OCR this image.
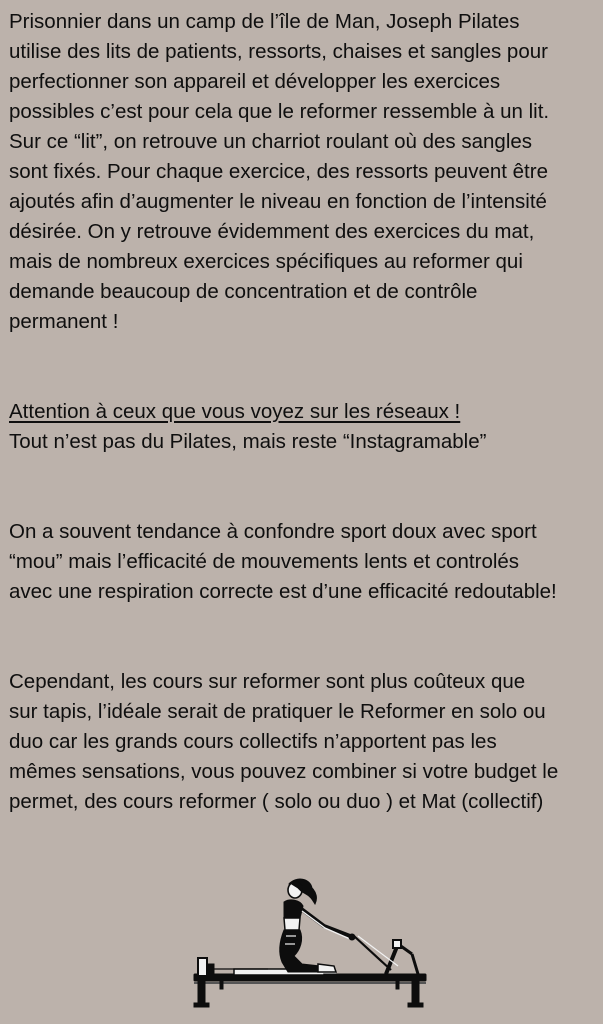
Prisonnier dans un camp de l’île de Man, Joseph Pilates
utilise des lits de patients, ressorts, chaises et sangles pour
perfectionner son appareil et développer les exercices
possibles c’est pour cela que le reformer ressemble à un lit.
Sur ce “lit”, on retrouve un charriot roulant où des sangles
sont fixés. Pour chaque exercice, des ressorts peuvent être
ajoutés afin d’augmenter le niveau en fonction de l’intensité
désirée. On y retrouve évidemment des exercices du mat,
mais de nombreux exercices spécifiques au reformer qui
demande beaucoup de concentration et de contrôle
permanent !

Attention à ceux que vous voyez sur les réseaux !
Tout n’est pas du Pilates, mais reste “Instagramable”

On a souvent tendance à confondre sport doux avec sport
“mou” mais l’efficacité de mouvements lents et controlés
avec une respiration correcte est d’une efficacité redoutable!

Cependant, les cours sur reformer sont plus coûteux que
sur tapis, l’idéale serait de pratiquer le Reformer en solo ou
duo car les grands cours collectifs n’apportent pas les
mêmes sensations, vous pouvez combiner si votre budget le
permet, des cours reformer ( solo ou duo ) et Mat (collectif)
